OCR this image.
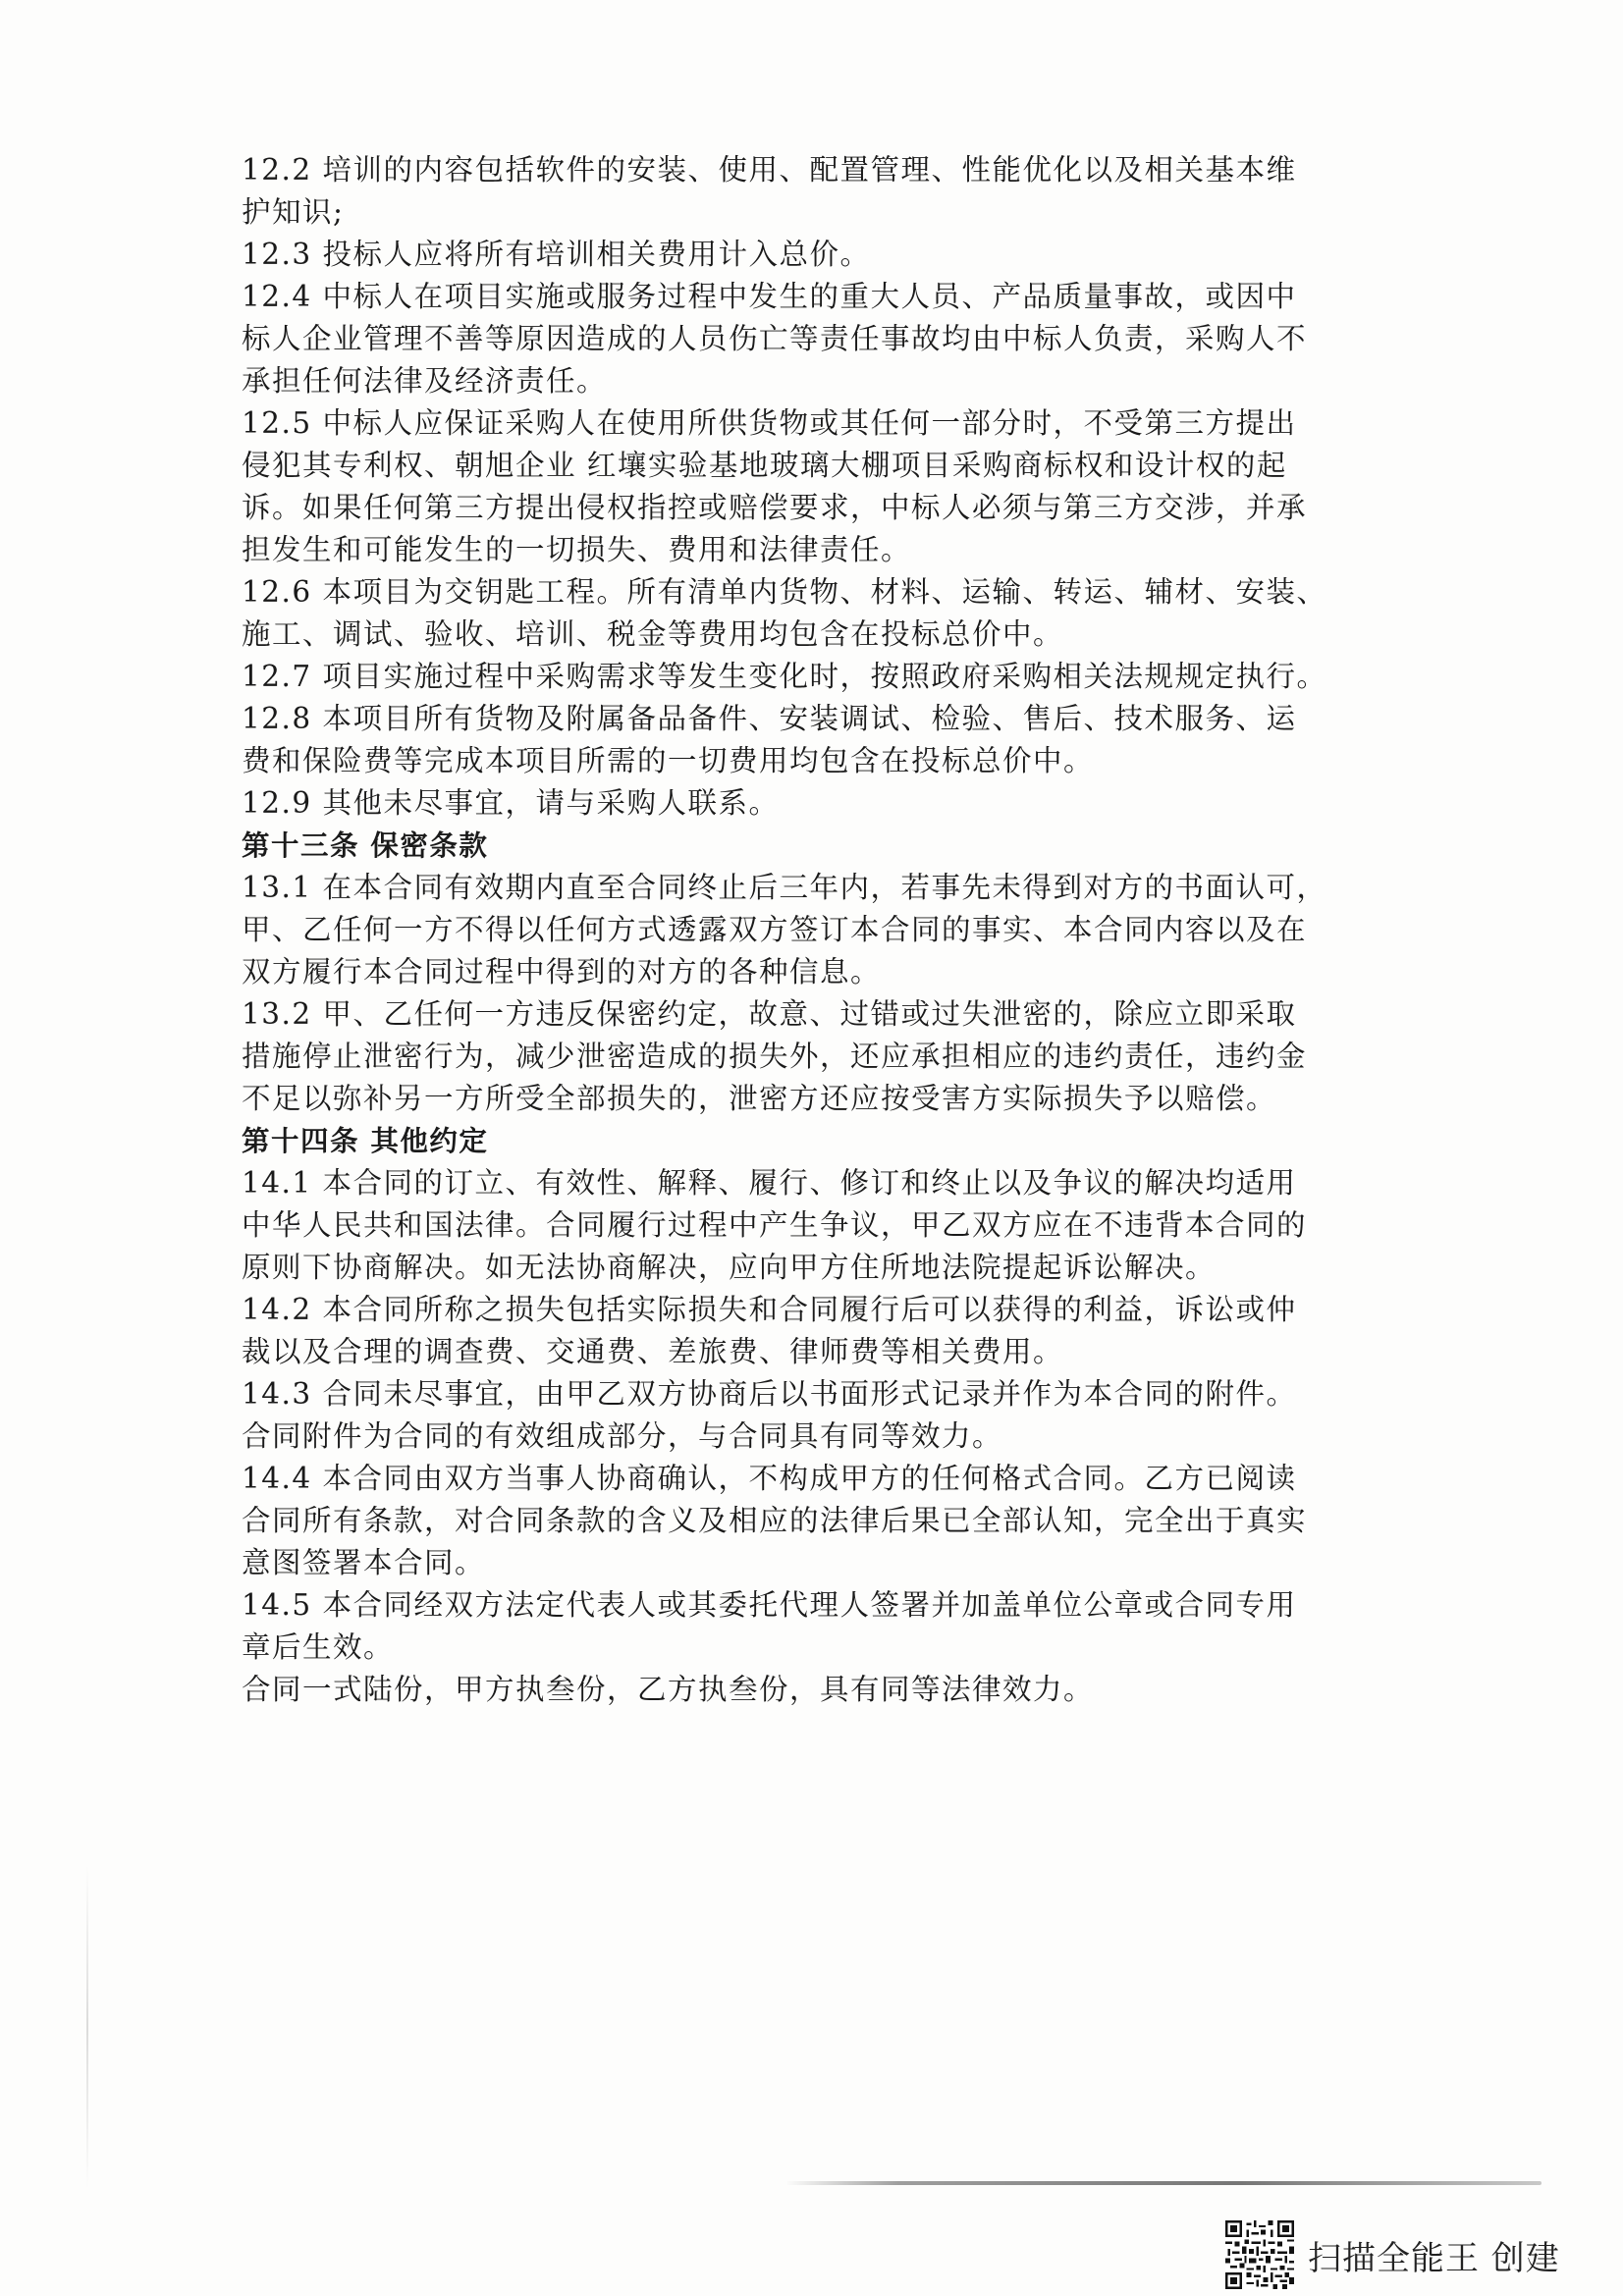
12.2 培训的内容包括软件的安装、使用、配置管理、性能优化以及相关基本维
护知识;
12.3 投标人应将所有培训相关费用计入总价。
12.4 中标人在项目实施或服务过程中发生的重大人员、产品质量事故，或因中
标人企业管理不善等原因造成的人员伤亡等责任事故均由中标人负责，采购人不
承担任何法律及经济责任。
12.5 中标人应保证采购人在使用所供货物或其任何一部分时，不受第三方提出
侵犯其专利权、朝旭企业 红壤实验基地玻璃大棚项目采购商标权和设计权的起
诉。如果任何第三方提出侵权指控或赔偿要求，中标人必须与第三方交涉，并承
担发生和可能发生的一切损失、费用和法律责任。
12.6 本项目为交钥匙工程。所有清单内货物、材料、运输、转运、辅材、安装、
施工、调试、验收、培训、税金等费用均包含在投标总价中。
12.7 项目实施过程中采购需求等发生变化时，按照政府采购相关法规规定执行。
12.8 本项目所有货物及附属备品备件、安装调试、检验、售后、技术服务、运
费和保险费等完成本项目所需的一切费用均包含在投标总价中。
12.9 其他未尽事宜，请与采购人联系。
第十三条 保密条款
13.1 在本合同有效期内直至合同终止后三年内，若事先未得到对方的书面认可，
甲、乙任何一方不得以任何方式透露双方签订本合同的事实、本合同内容以及在
双方履行本合同过程中得到的对方的各种信息。
13.2 甲、乙任何一方违反保密约定，故意、过错或过失泄密的，除应立即采取
措施停止泄密行为，减少泄密造成的损失外，还应承担相应的违约责任，违约金
不足以弥补另一方所受全部损失的，泄密方还应按受害方实际损失予以赔偿。
第十四条 其他约定
14.1 本合同的订立、有效性、解释、履行、修订和终止以及争议的解决均适用
中华人民共和国法律。合同履行过程中产生争议，甲乙双方应在不违背本合同的
原则下协商解决。如无法协商解决，应向甲方住所地法院提起诉讼解决。
14.2 本合同所称之损失包括实际损失和合同履行后可以获得的利益，诉讼或仲
裁以及合理的调查费、交通费、差旅费、律师费等相关费用。
14.3 合同未尽事宜，由甲乙双方协商后以书面形式记录并作为本合同的附件。
合同附件为合同的有效组成部分，与合同具有同等效力。
14.4 本合同由双方当事人协商确认，不构成甲方的任何格式合同。乙方已阅读
合同所有条款，对合同条款的含义及相应的法律后果已全部认知，完全出于真实
意图签署本合同。
14.5 本合同经双方法定代表人或其委托代理人签署并加盖单位公章或合同专用
章后生效。
合同一式陆份，甲方执叁份，乙方执叁份，具有同等法律效力。
扫描全能王 创建
